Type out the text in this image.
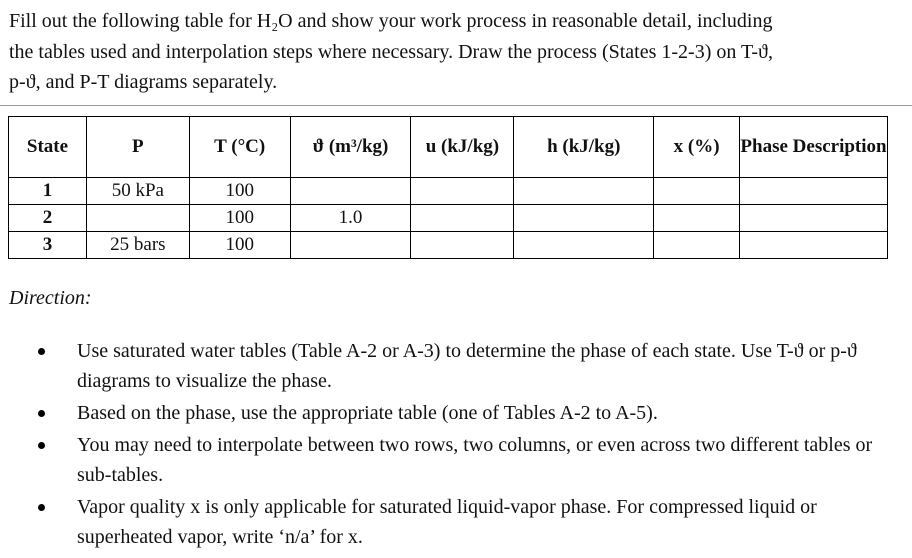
Fill out the following table for H₂O and show your work process in reasonable detail, including
the tables used and interpolation steps where necessary. Draw the process (States 1-2-3) on T-ϑ,
p-ϑ, and P-T diagrams separately.
State	P	T (°C)	ϑ (m³/kg)	u (kJ/kg)	h (kJ/kg)	x (%)	Phase Description
1	50 kPa	100					
2		100	1.0				
3	25 bars	100					

Direction:

Use saturated water tables (Table A-2 or A-3) to determine the phase of each state. Use T-ϑ or p-ϑ diagrams to visualize the phase.
Based on the phase, use the appropriate table (one of Tables A-2 to A-5).
You may need to interpolate between two rows, two columns, or even across two different tables or sub-tables.
Vapor quality x is only applicable for saturated liquid-vapor phase. For compressed liquid or superheated vapor, write ‘n/a’ for x.
